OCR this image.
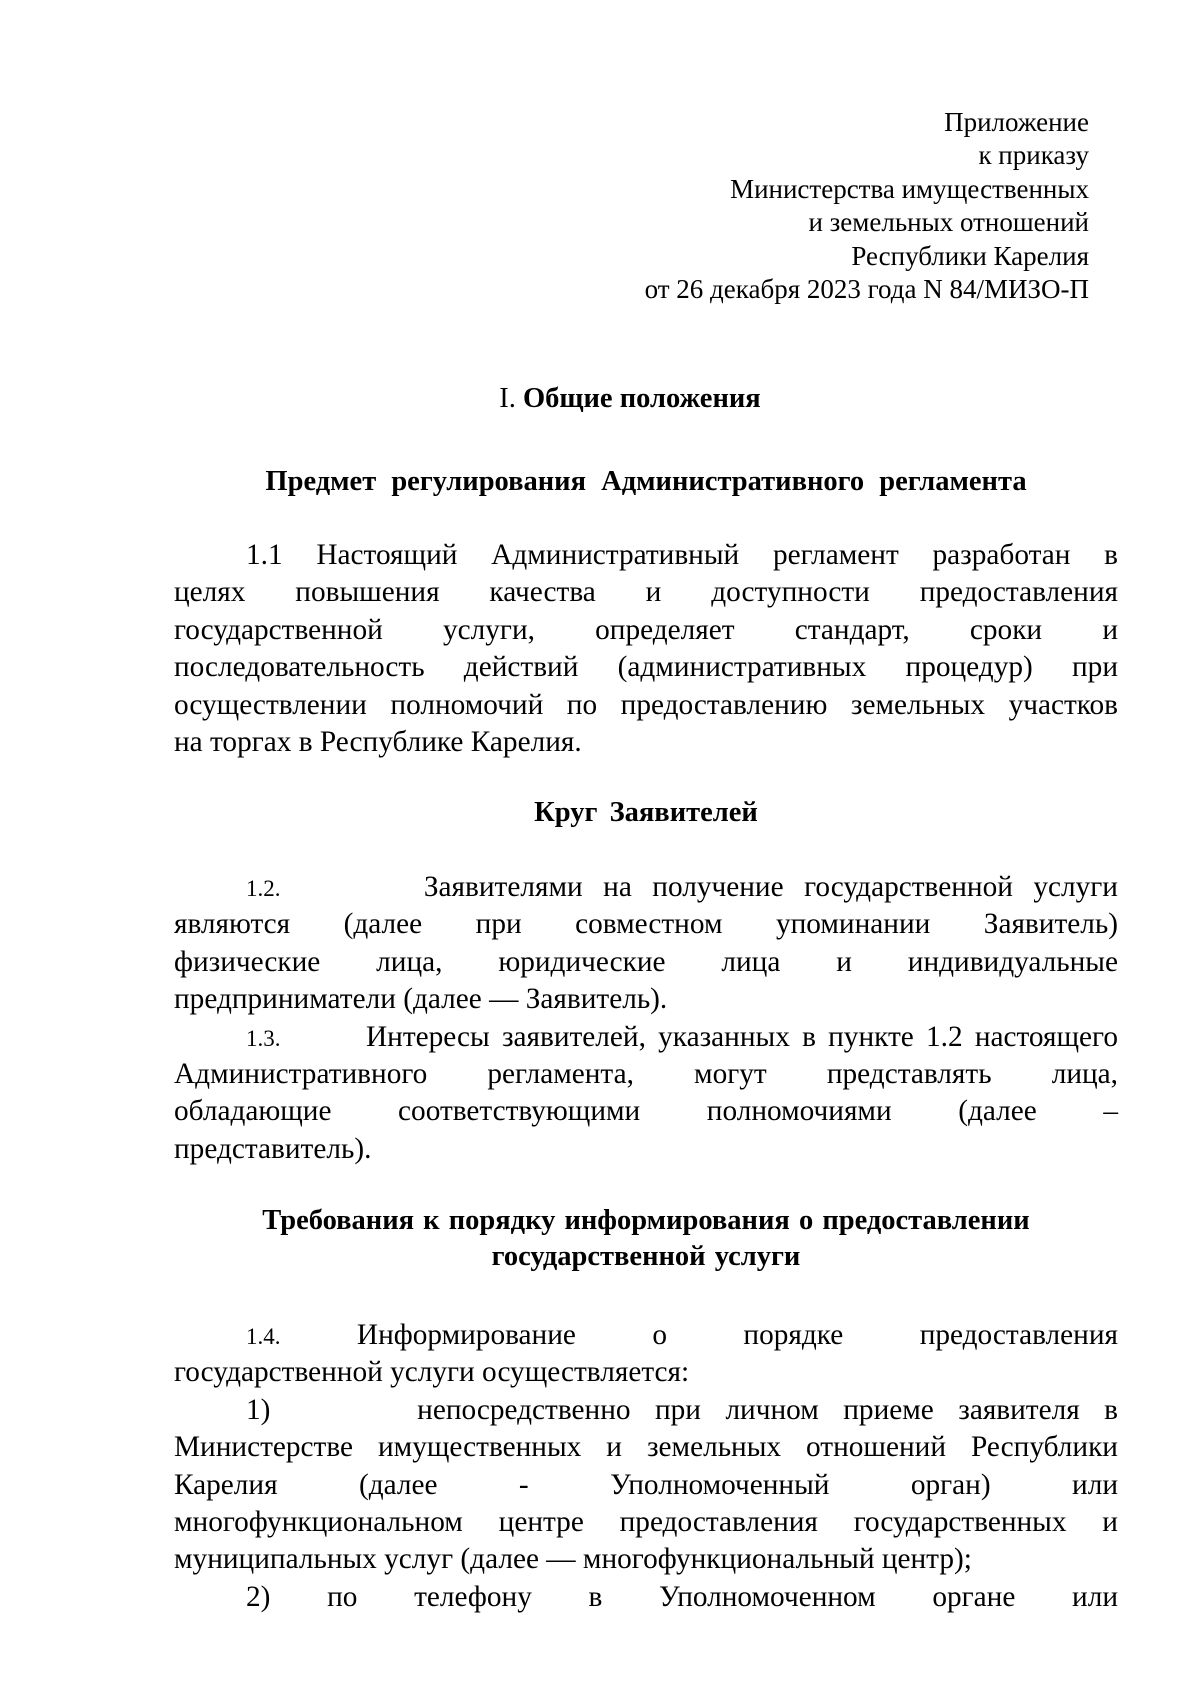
Приложение
к приказу
Министерства имущественных
и земельных отношений
Республики Карелия
от 26 декабря 2023 года N 84/МИЗО-П
I. Общие положения
Предмет регулирования Административного регламента
1.1 Настоящий Административный регламент разработан в
целях повышения качества и доступности предоставления
государственной услуги, определяет стандарт, сроки и
последовательность действий (административных процедур) при
осуществлении полномочий по предоставлению земельных участков
на торгах в Республике Карелия.
Круг Заявителей
1.2.	Заявителями на получение государственной услуги
являются (далее при совместном упоминании Заявитель)
физические лица, юридические лица и индивидуальные
предприниматели (далее — Заявитель).
1.3.	Интересы заявителей, указанных в пункте 1.2 настоящего
Административного регламента, могут представлять лица,
обладающие соответствующими полномочиями (далее –
представитель).
Требования к порядку информирования о предоставлении
государственной услуги
1.4.	Информирование о порядке предоставления
государственной услуги осуществляется:
1)	непосредственно при личном приеме заявителя в
Министерстве имущественных и земельных отношений Республики
Карелия (далее - Уполномоченный орган) или
многофункциональном центре предоставления государственных и
муниципальных услуг (далее — многофункциональный центр);
2) по телефону в Уполномоченном органе или
